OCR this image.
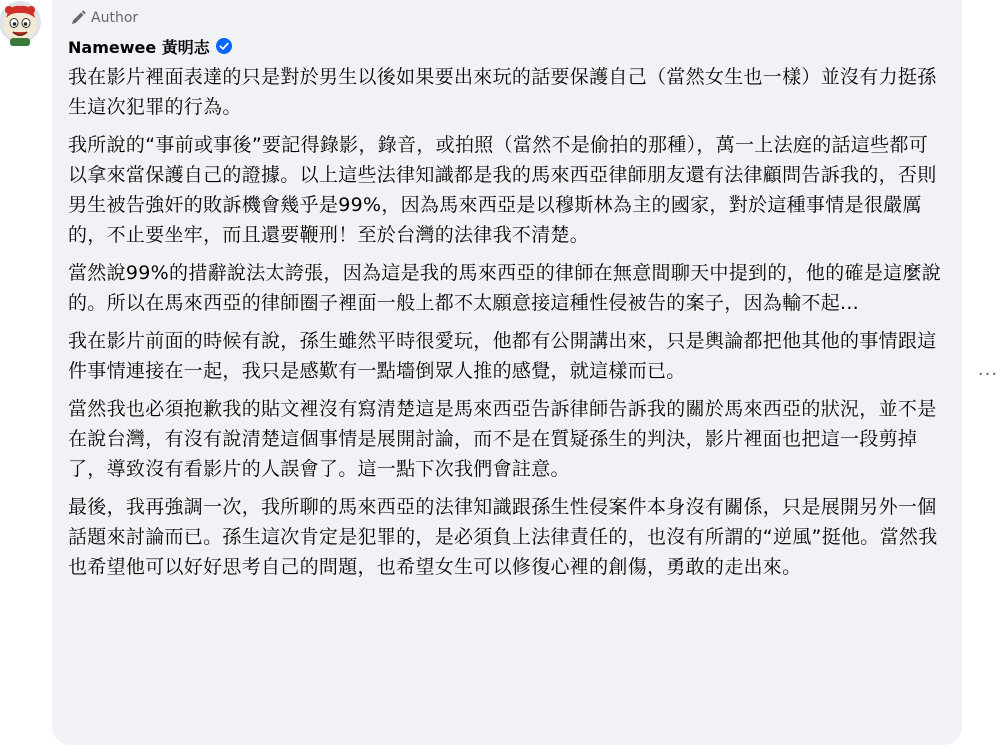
Author
Namewee 黃明志

我在影片裡面表達的只是對於男生以後如果要出來玩的話要保護自己（當然女生也一樣）並沒有力挺孫生這次犯罪的行為。

我所說的“事前或事後”要記得錄影，錄音，或拍照（當然不是偷拍的那種），萬一上法庭的話這些都可以拿來當保護自己的證據。以上這些法律知識都是我的馬來西亞律師朋友還有法律顧問告訴我的，否則男生被告強奸的敗訴機會幾乎是99%，因為馬來西亞是以穆斯林為主的國家，對於這種事情是很嚴厲的，不止要坐牢，而且還要鞭刑！至於台灣的法律我不清楚。

當然說99%的措辭說法太誇張，因為這是我的馬來西亞的律師在無意間聊天中提到的，他的確是這麼說的。所以在馬來西亞的律師圈子裡面一般上都不太願意接這種性侵被告的案子，因為輸不起...

我在影片前面的時候有說，孫生雖然平時很愛玩，他都有公開講出來，只是輿論都把他其他的事情跟這件事情連接在一起，我只是感歎有一點墻倒眾人推的感覺，就這樣而已。

當然我也必須抱歉我的貼文裡沒有寫清楚這是馬來西亞告訴律師告訴我的關於馬來西亞的狀況，並不是在說台灣，有沒有說清楚這個事情是展開討論，而不是在質疑孫生的判決，影片裡面也把這一段剪掉了，導致沒有看影片的人誤會了。這一點下次我們會註意。

最後，我再強調一次，我所聊的馬來西亞的法律知識跟孫生性侵案件本身沒有關係，只是展開另外一個話題來討論而已。孫生這次肯定是犯罪的，是必須負上法律責任的，也沒有所謂的“逆風”挺他。當然我也希望他可以好好思考自己的問題，也希望女生可以修復心裡的創傷，勇敢的走出來。

···
